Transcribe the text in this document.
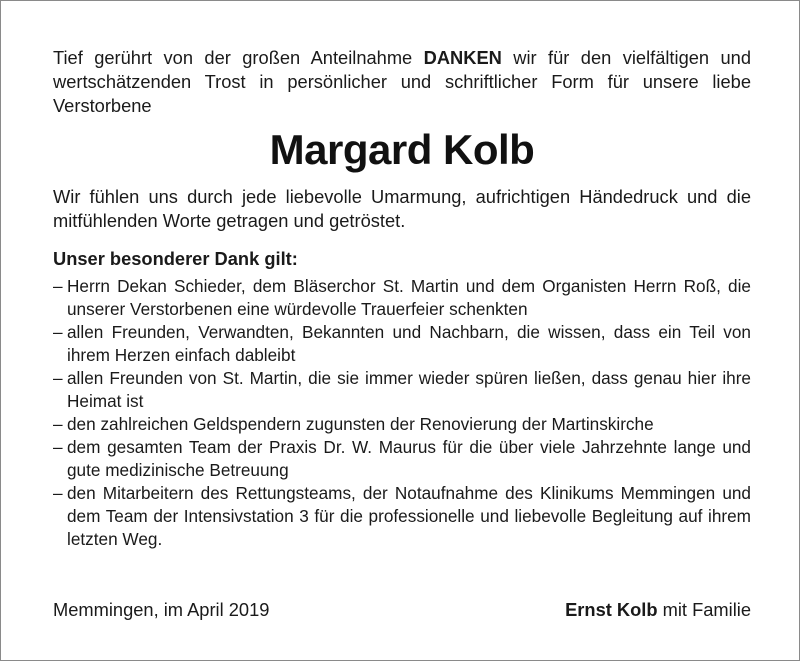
Tief gerührt von der großen Anteilnahme DANKEN wir für den vielfältigen und wertschätzenden Trost in persönlicher und schriftlicher Form für unsere liebe Verstorbene

Margard Kolb

Wir fühlen uns durch jede liebevolle Umarmung, aufrichtigen Händedruck und die mitfühlenden Worte getragen und getröstet.

Unser besonderer Dank gilt:
– Herrn Dekan Schieder, dem Bläserchor St. Martin und dem Organisten Herrn Roß, die unserer Verstorbenen eine würdevolle Trauerfeier schenkten
– allen Freunden, Verwandten, Bekannten und Nachbarn, die wissen, dass ein Teil von ihrem Herzen einfach dableibt
– allen Freunden von St. Martin, die sie immer wieder spüren ließen, dass genau hier ihre Heimat ist
– den zahlreichen Geldspendern zugunsten der Renovierung der Martinskirche
– dem gesamten Team der Praxis Dr. W. Maurus für die über viele Jahrzehnte lange und gute medizinische Betreuung
– den Mitarbeitern des Rettungsteams, der Notaufnahme des Klinikums Memmingen und dem Team der Intensivstation 3 für die professionelle und liebevolle Begleitung auf ihrem letzten Weg.
Memmingen, im April 2019	Ernst Kolb mit Familie
